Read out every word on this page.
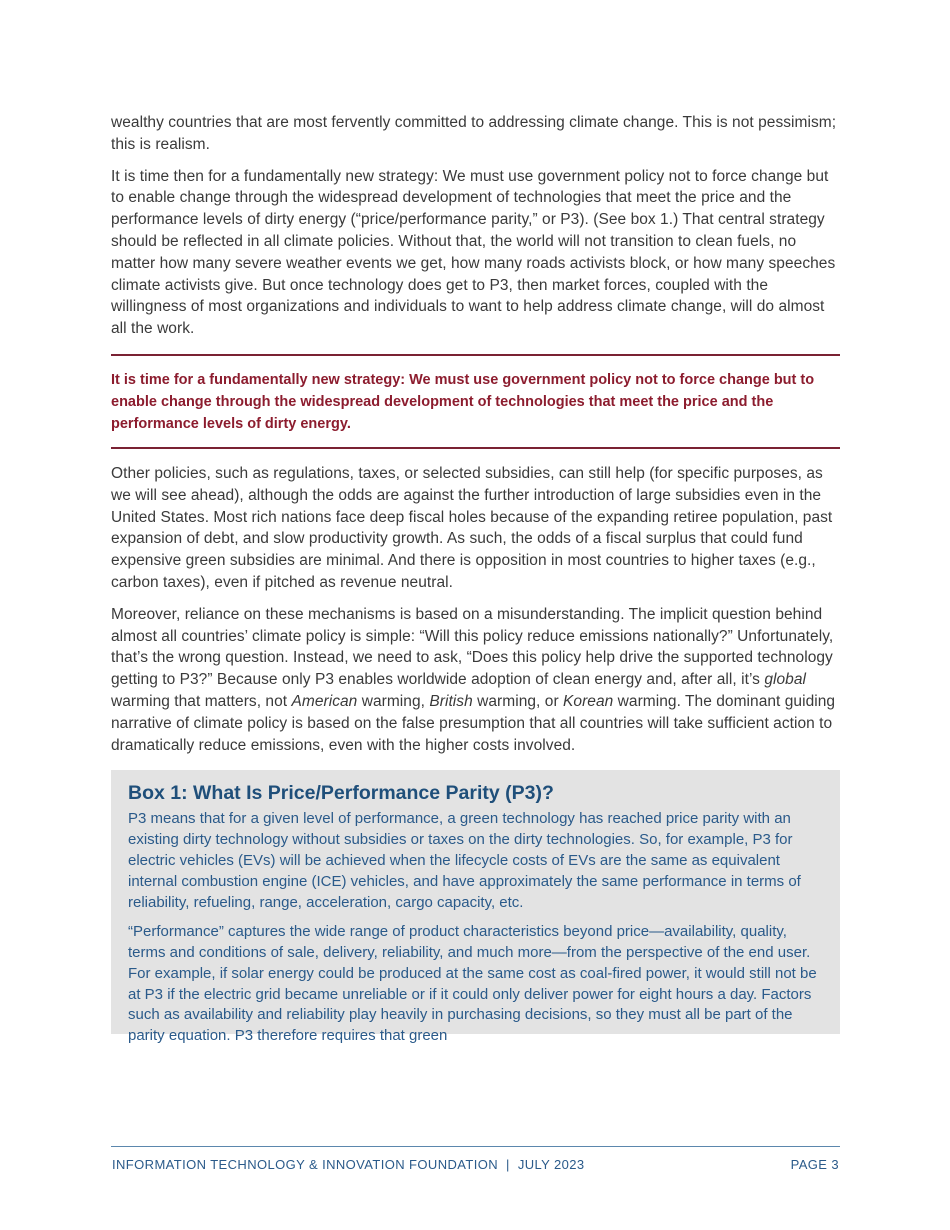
wealthy countries that are most fervently committed to addressing climate change. This is not pessimism; this is realism.

It is time then for a fundamentally new strategy: We must use government policy not to force change but to enable change through the widespread development of technologies that meet the price and the performance levels of dirty energy (“price/performance parity,” or P3). (See box 1.) That central strategy should be reflected in all climate policies. Without that, the world will not transition to clean fuels, no matter how many severe weather events we get, how many roads activists block, or how many speeches climate activists give. But once technology does get to P3, then market forces, coupled with the willingness of most organizations and individuals to want to help address climate change, will do almost all the work.

It is time for a fundamentally new strategy: We must use government policy not to force change but to enable change through the widespread development of technologies that meet the price and the performance levels of dirty energy.

Other policies, such as regulations, taxes, or selected subsidies, can still help (for specific purposes, as we will see ahead), although the odds are against the further introduction of large subsidies even in the United States. Most rich nations face deep fiscal holes because of the expanding retiree population, past expansion of debt, and slow productivity growth. As such, the odds of a fiscal surplus that could fund expensive green subsidies are minimal. And there is opposition in most countries to higher taxes (e.g., carbon taxes), even if pitched as revenue neutral.

Moreover, reliance on these mechanisms is based on a misunderstanding. The implicit question behind almost all countries’ climate policy is simple: “Will this policy reduce emissions nationally?” Unfortunately, that’s the wrong question. Instead, we need to ask, “Does this policy help drive the supported technology getting to P3?” Because only P3 enables worldwide adoption of clean energy and, after all, it’s global warming that matters, not American warming, British warming, or Korean warming. The dominant guiding narrative of climate policy is based on the false presumption that all countries will take sufficient action to dramatically reduce emissions, even with the higher costs involved.

Box 1: What Is Price/Performance Parity (P3)?

P3 means that for a given level of performance, a green technology has reached price parity with an existing dirty technology without subsidies or taxes on the dirty technologies. So, for example, P3 for electric vehicles (EVs) will be achieved when the lifecycle costs of EVs are the same as equivalent internal combustion engine (ICE) vehicles, and have approximately the same performance in terms of reliability, refueling, range, acceleration, cargo capacity, etc.

“Performance” captures the wide range of product characteristics beyond price—availability, quality, terms and conditions of sale, delivery, reliability, and much more—from the perspective of the end user. For example, if solar energy could be produced at the same cost as coal-fired power, it would still not be at P3 if the electric grid became unreliable or if it could only deliver power for eight hours a day. Factors such as availability and reliability play heavily in purchasing decisions, so they must all be part of the parity equation. P3 therefore requires that green

INFORMATION TECHNOLOGY & INNOVATION FOUNDATION | JULY 2023	PAGE 3
